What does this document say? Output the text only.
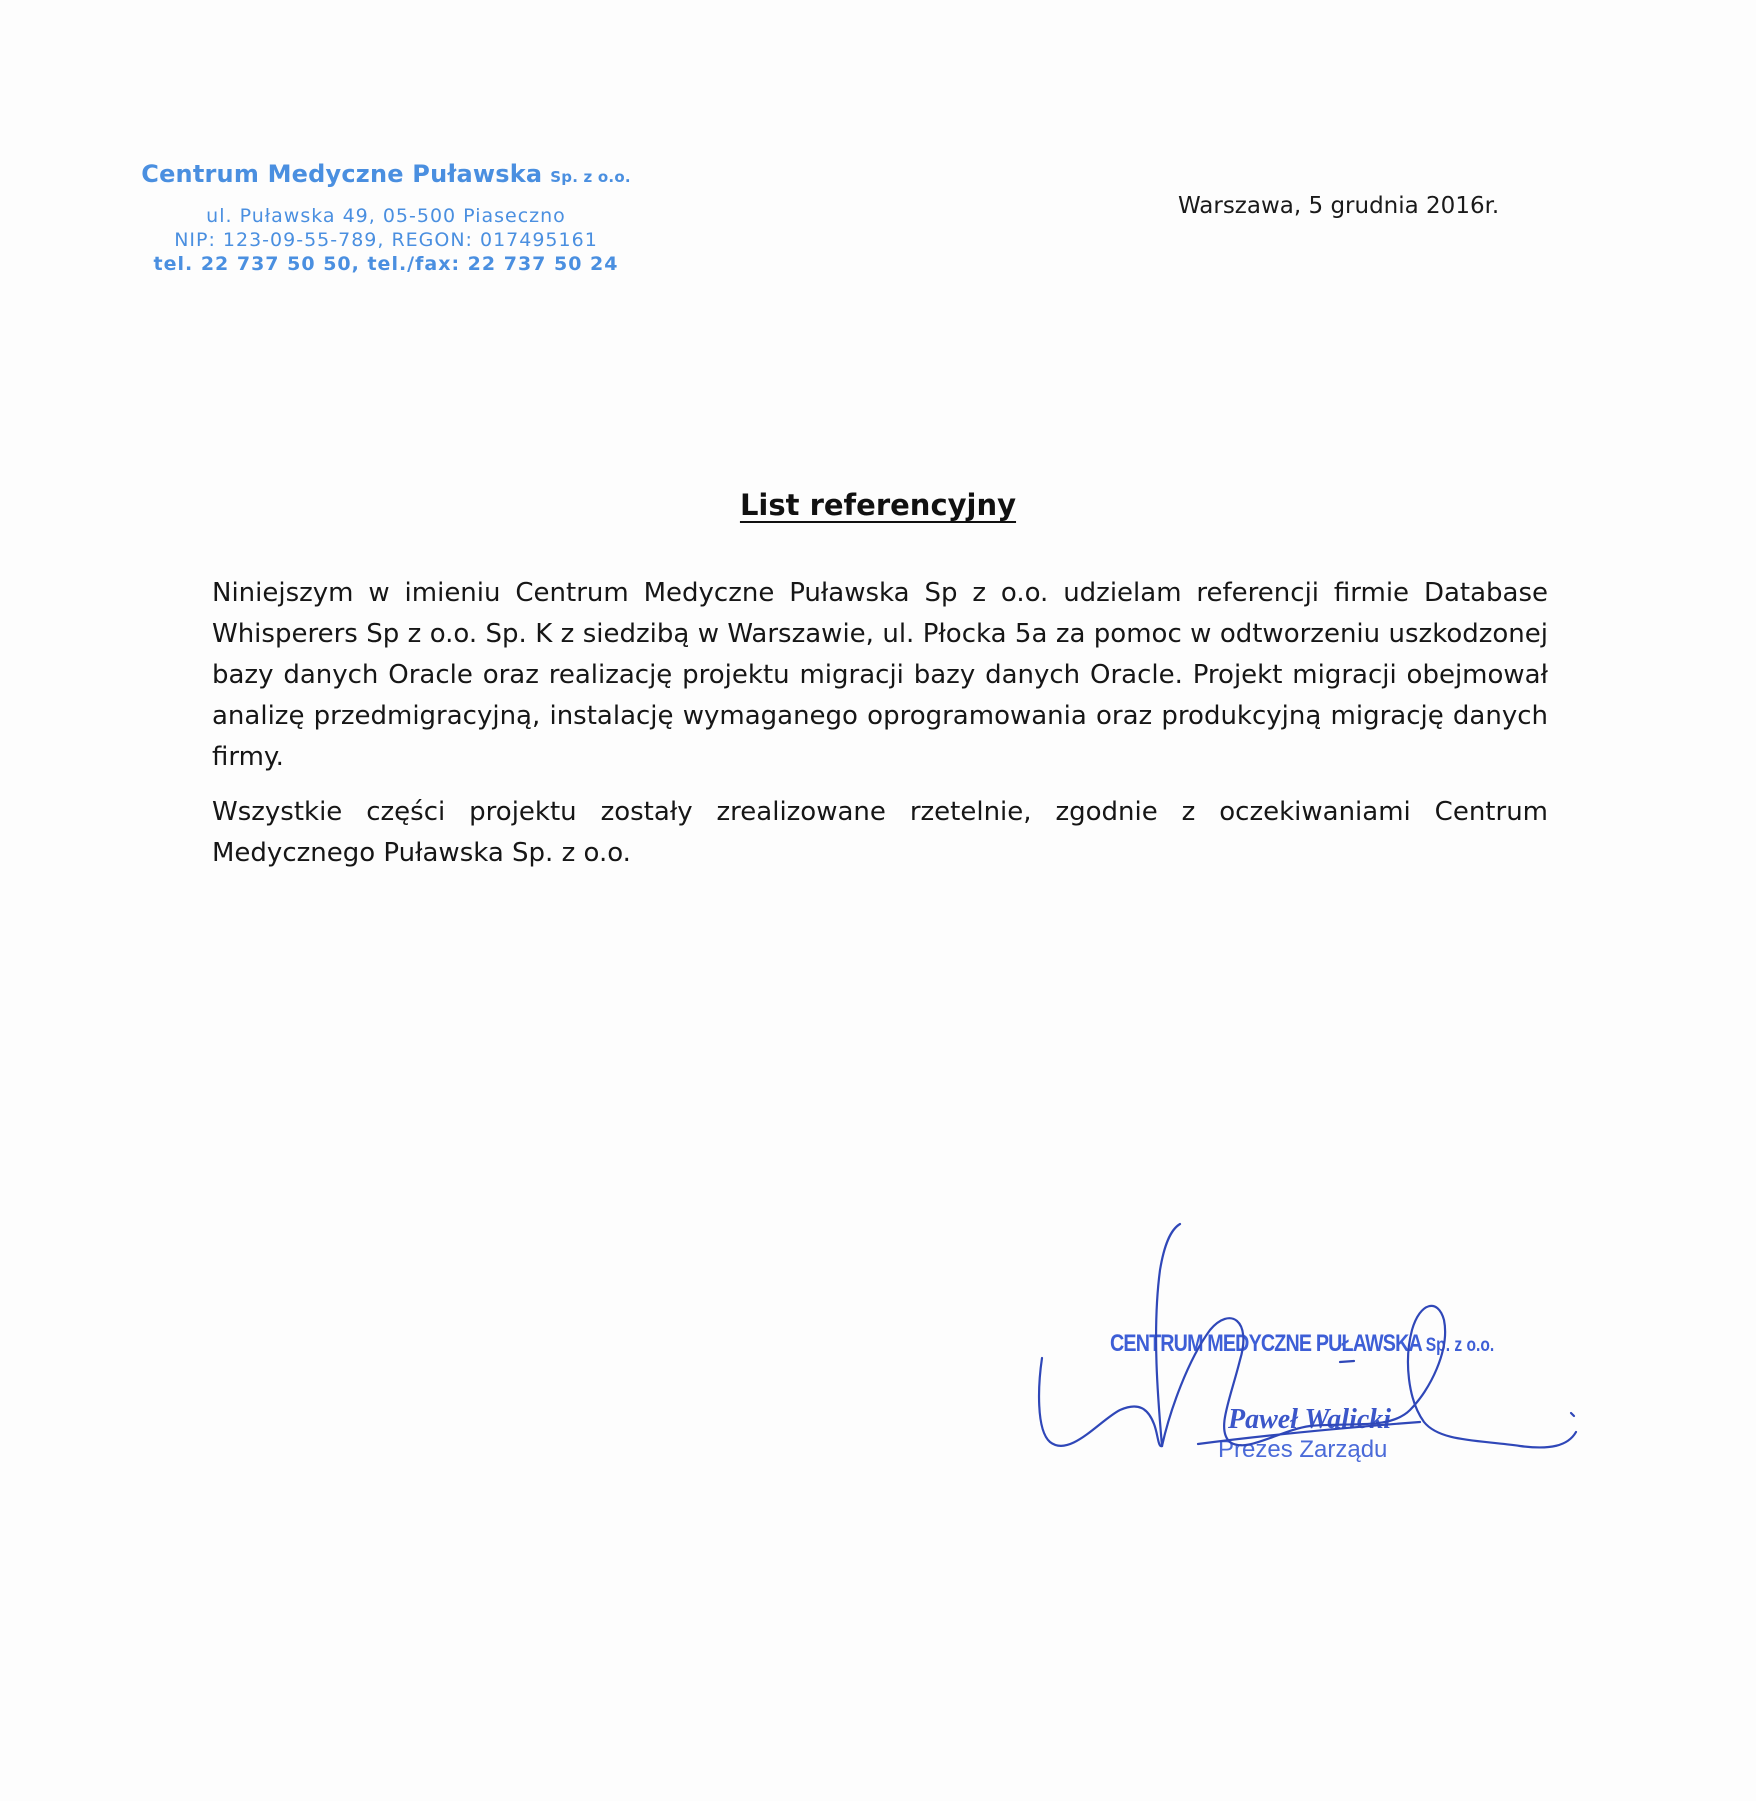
Centrum Medyczne Puławska Sp. z o.o.
ul. Puławska 49, 05-500 Piaseczno
NIP: 123-09-55-789, REGON: 017495161
tel. 22 737 50 50, tel./fax: 22 737 50 24
Warszawa, 5 grudnia 2016r.
List referencyjny

Niniejszym w imieniu Centrum Medyczne Puławska Sp z o.o. udzielam referencji firmie Database Whisperers Sp z o.o. Sp. K z siedzibą w Warszawie, ul. Płocka 5a za pomoc w odtworzeniu uszkodzonej bazy danych Oracle oraz realizację projektu migracji bazy danych Oracle. Projekt migracji obejmował analizę przedmigracyjną, instalację wymaganego oprogramowania oraz produkcyjną migrację danych firmy.

Wszystkie części projektu zostały zrealizowane rzetelnie, zgodnie z oczekiwaniami Centrum Medycznego Puławska Sp. z o.o.

CENTRUM MEDYCZNE PUŁAWSKA Sp. z o.o.
Paweł Walicki
Prezes Zarządu
